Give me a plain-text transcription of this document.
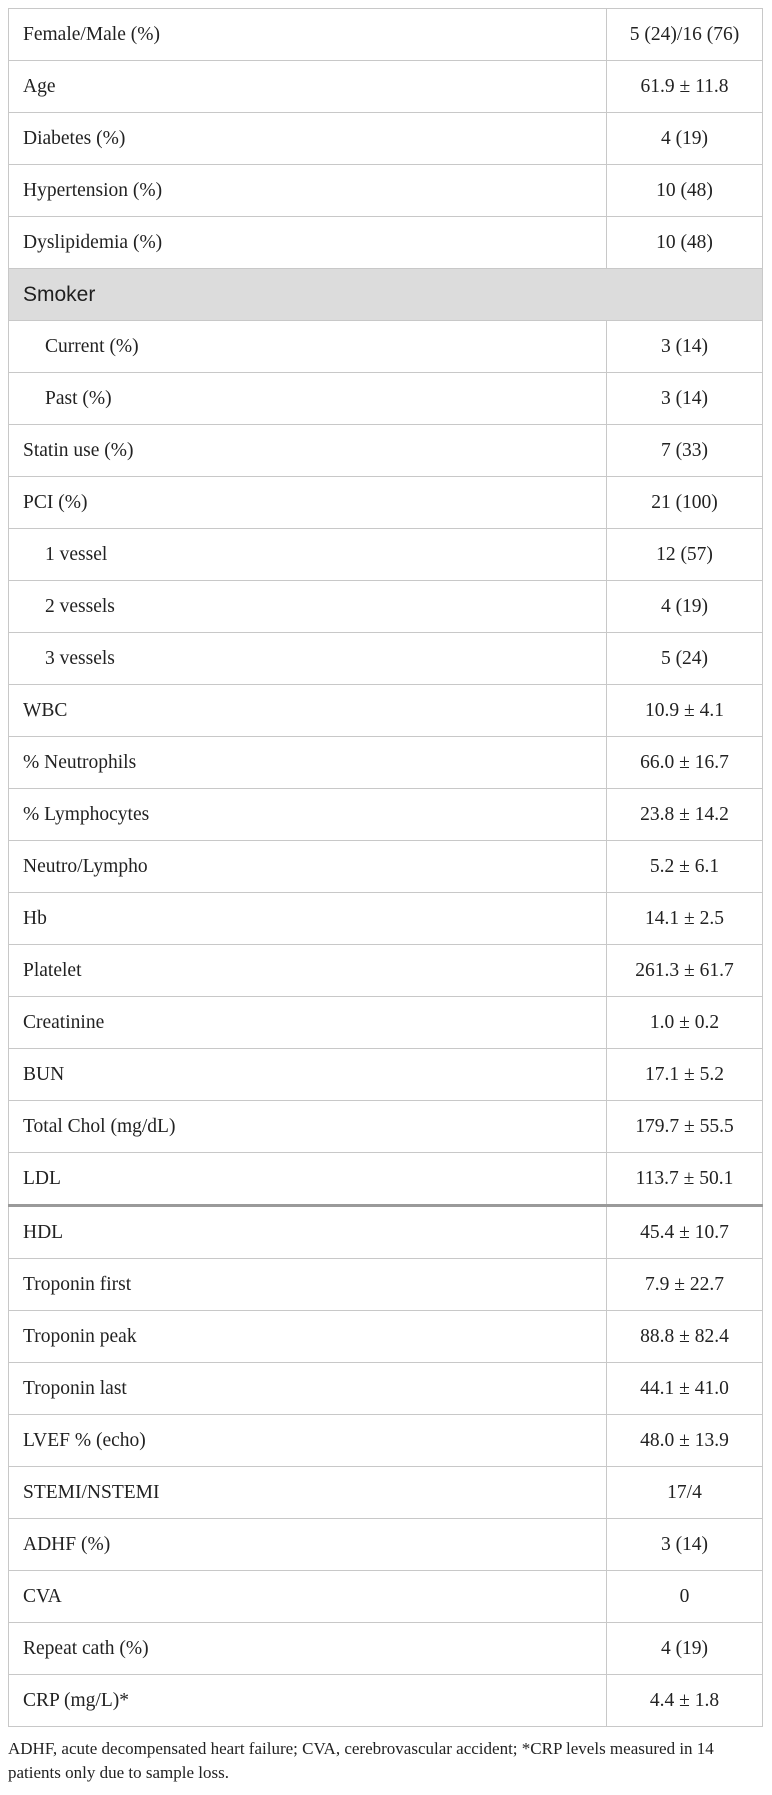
Female/Male (%)	5 (24)/16 (76)
Age	61.9 ± 11.8
Diabetes (%)	4 (19)
Hypertension (%)	10 (48)
Dyslipidemia (%)	10 (48)
Smoker	
Current (%)	3 (14)
Past (%)	3 (14)
Statin use (%)	7 (33)
PCI (%)	21 (100)
1 vessel	12 (57)
2 vessels	4 (19)
3 vessels	5 (24)
WBC	10.9 ± 4.1
% Neutrophils	66.0 ± 16.7
% Lymphocytes	23.8 ± 14.2
Neutro/Lympho	5.2 ± 6.1
Hb	14.1 ± 2.5
Platelet	261.3 ± 61.7
Creatinine	1.0 ± 0.2
BUN	17.1 ± 5.2
Total Chol (mg/dL)	179.7 ± 55.5
LDL	113.7 ± 50.1
HDL	45.4 ± 10.7
Troponin first	7.9 ± 22.7
Troponin peak	88.8 ± 82.4
Troponin last	44.1 ± 41.0
LVEF % (echo)	48.0 ± 13.9
STEMI/NSTEMI	17/4
ADHF (%)	3 (14)
CVA	0
Repeat cath (%)	4 (19)
CRP (mg/L)*	4.4 ± 1.8
ADHF, acute decompensated heart failure; CVA, cerebrovascular accident; *CRP levels measured in 14 patients only due to sample loss.
